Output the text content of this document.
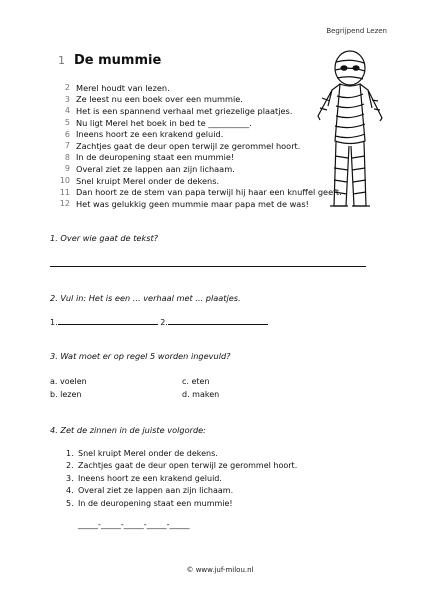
Begrijpend Lezen
1 De mummie
2 Merel houdt van lezen.
3 Ze leest nu een boek over een mummie.
4 Het is een spannend verhaal met griezelige plaatjes.
5 Nu ligt Merel het boek in bed te __________.
6 Ineens hoort ze een krakend geluid.
7 Zachtjes gaat de deur open terwijl ze gerommel hoort.
8 In de deuropening staat een mummie!
9 Overal ziet ze lappen aan zijn lichaam.
10 Snel kruipt Merel onder de dekens.
11 Dan hoort ze de stem van papa terwijl hij haar een knuffel geeft.
12 Het was gelukkig geen mummie maar papa met de was!
1. Over wie gaat de tekst?
2. Vul in: Het is een ... verhaal met ... plaatjes.
1.	2.
3. Wat moet er op regel 5 worden ingevuld?
a. voelen
b. lezen
c. eten
d. maken
4. Zet de zinnen in de juiste volgorde:
1. Snel kruipt Merel onder de dekens.
2. Zachtjes gaat de deur open terwijl ze gerommel hoort.
3. Ineens hoort ze een krakend geluid.
4. Overal ziet ze lappen aan zijn lichaam.
5. In de deuropening staat een mummie!
_____-_____-_____-_____-_____
© www.juf-milou.nl
